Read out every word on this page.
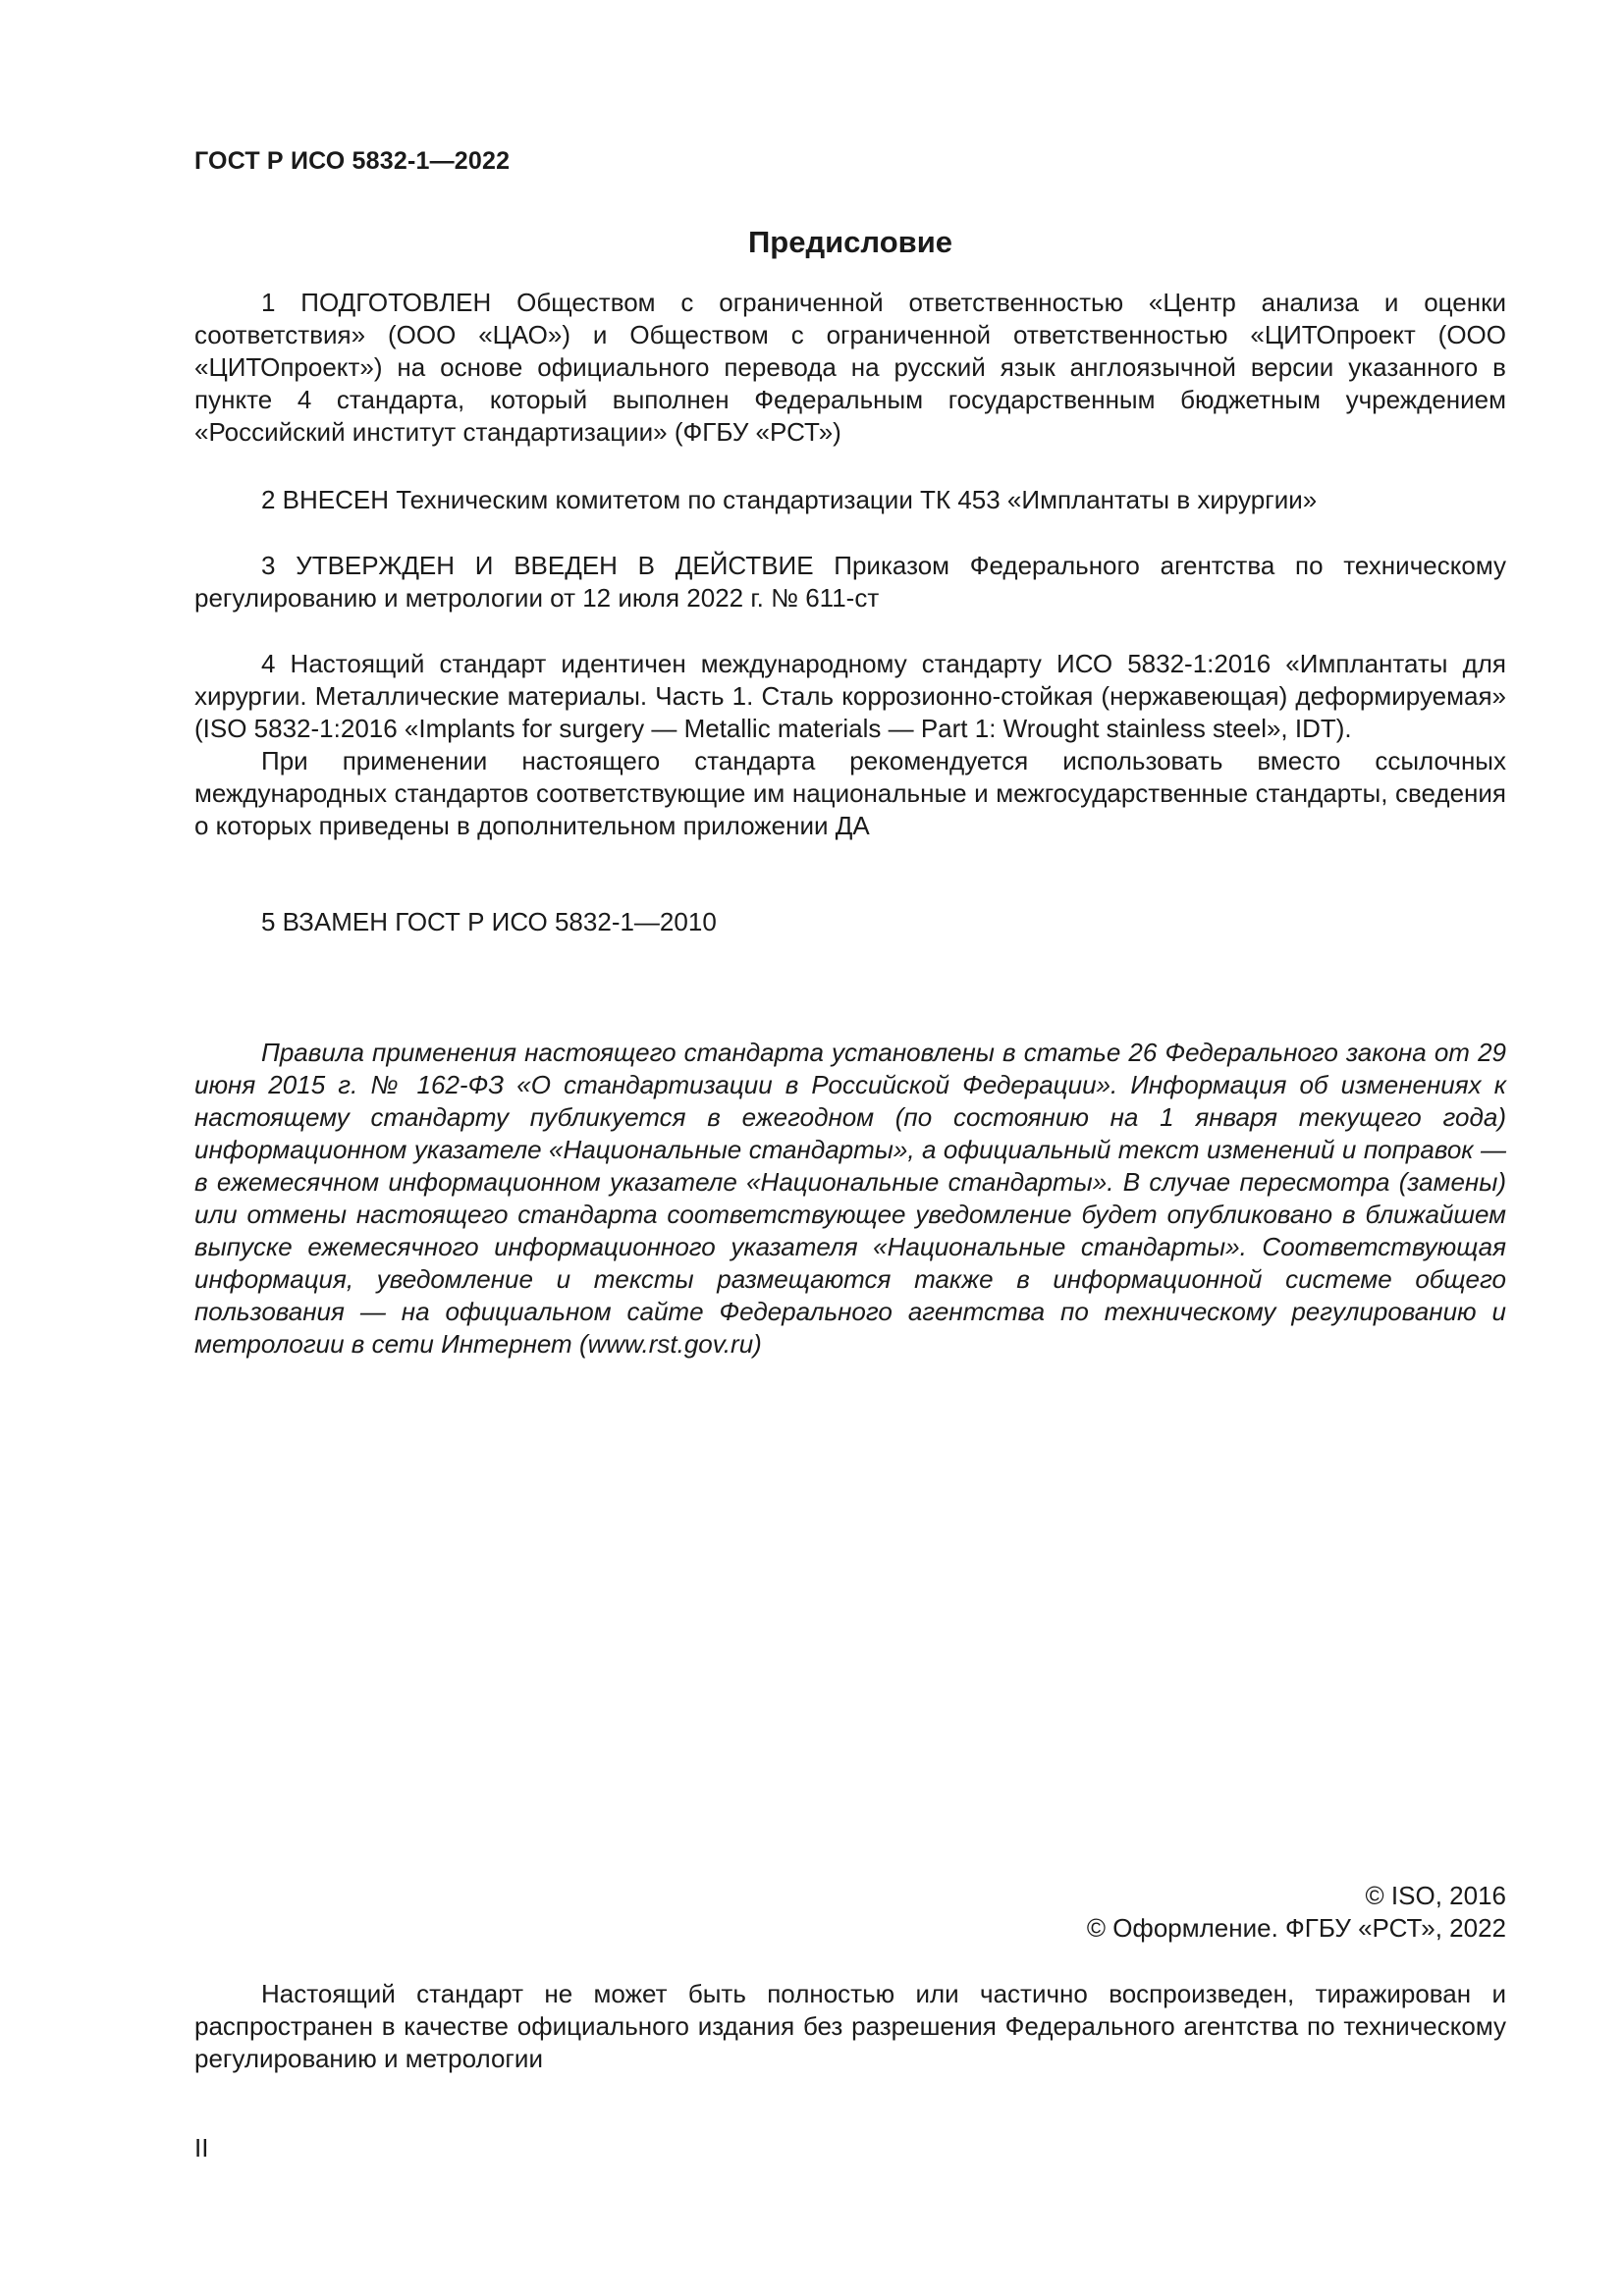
ГОСТ Р ИСО 5832-1—2022
Предисловие

1 ПОДГОТОВЛЕН Обществом с ограниченной ответственностью «Центр анализа и оценки соответствия» (ООО «ЦАО») и Обществом с ограниченной ответственностью «ЦИТОпроект (ООО «ЦИТОпроект») на основе официального перевода на русский язык англоязычной версии указанного в пункте 4 стандарта, который выполнен Федеральным государственным бюджетным учреждением «Российский институт стандартизации» (ФГБУ «РСТ»)

2 ВНЕСЕН Техническим комитетом по стандартизации ТК 453 «Имплантаты в хирургии»

3 УТВЕРЖДЕН И ВВЕДЕН В ДЕЙСТВИЕ Приказом Федерального агентства по техническому регулированию и метрологии от 12 июля 2022 г. № 611-ст

4 Настоящий стандарт идентичен международному стандарту ИСО 5832-1:2016 «Имплантаты для хирургии. Металлические материалы. Часть 1. Сталь коррозионно-стойкая (нержавеющая) деформируемая» (ISO 5832-1:2016 «Implants for surgery — Metallic materials — Part 1: Wrought stainless steel», IDT).

При применении настоящего стандарта рекомендуется использовать вместо ссылочных международных стандартов соответствующие им национальные и межгосударственные стандарты, сведения о которых приведены в дополнительном приложении ДА

5 ВЗАМЕН ГОСТ Р ИСО 5832-1—2010

Правила применения настоящего стандарта установлены в статье 26 Федерального закона от 29 июня 2015 г. № 162-ФЗ «О стандартизации в Российской Федерации». Информация об изменениях к настоящему стандарту публикуется в ежегодном (по состоянию на 1 января текущего года) информационном указателе «Национальные стандарты», а официальный текст изменений и поправок — в ежемесячном информационном указателе «Национальные стандарты». В случае пересмотра (замены) или отмены настоящего стандарта соответствующее уведомление будет опубликовано в ближайшем выпуске ежемесячного информационного указателя «Национальные стандарты». Соответствующая информация, уведомление и тексты размещаются также в информационной системе общего пользования — на официальном сайте Федерального агентства по техническому регулированию и метрологии в сети Интернет (www.rst.gov.ru)

© ISO, 2016
© Оформление. ФГБУ «РСТ», 2022

Настоящий стандарт не может быть полностью или частично воспроизведен, тиражирован и распространен в качестве официального издания без разрешения Федерального агентства по техническому регулированию и метрологии

II
